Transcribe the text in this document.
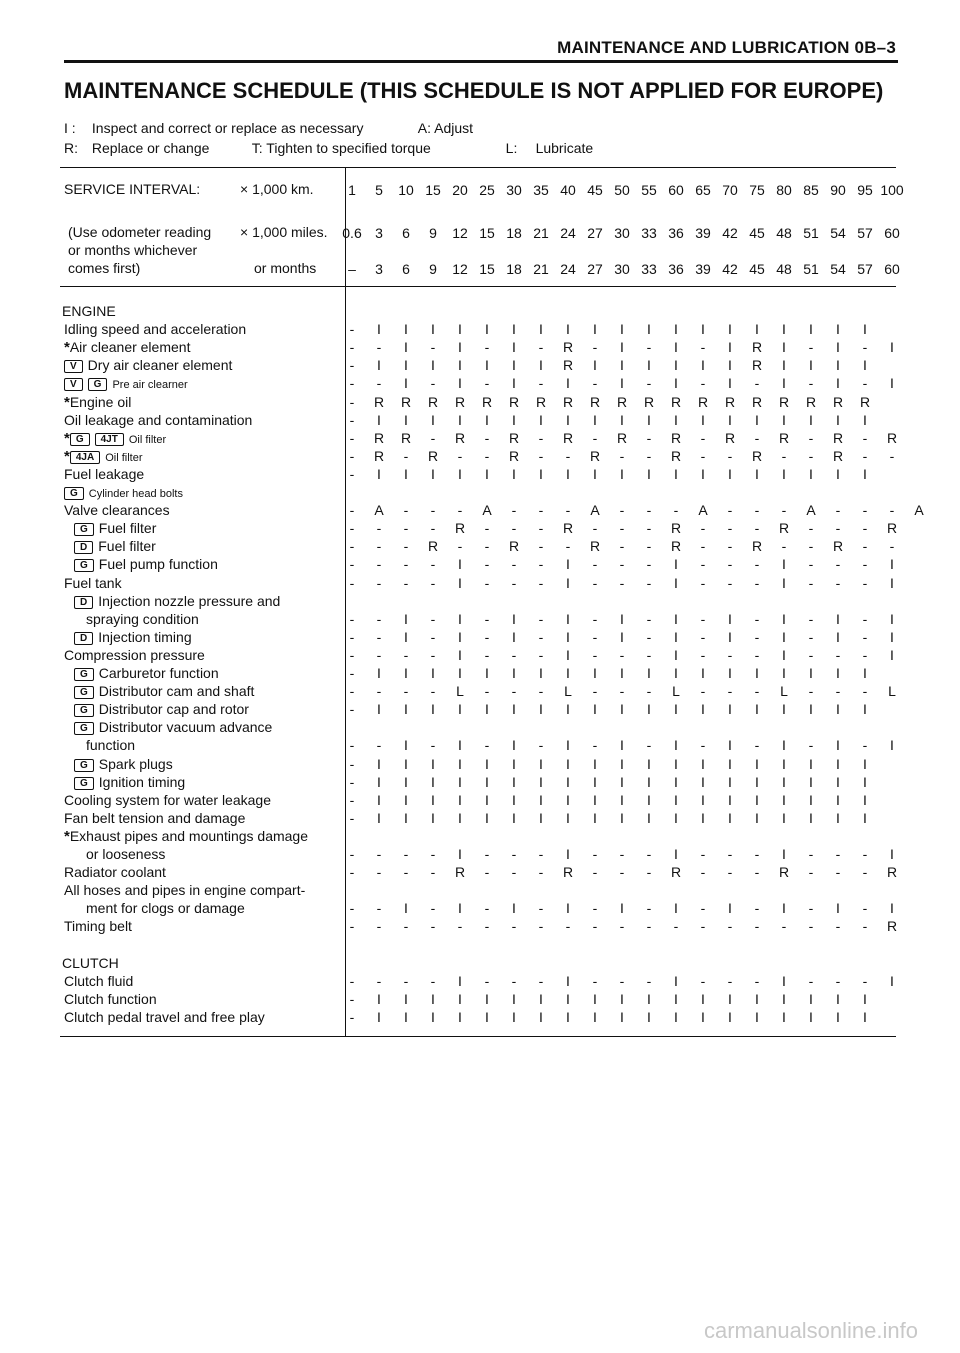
MAINTENANCE AND LUBRICATION 0B–3
MAINTENANCE SCHEDULE (THIS SCHEDULE IS NOT APPLIED FOR EUROPE)
I : Inspect and correct or replace as necessary	A: Adjust
R: Replace or change	T: Tighten to specified torque	L: Lubricate
SERVICE INTERVAL:
(Use odometer reading
or months whichever
comes first)
× 1,000 km.
× 1,000 miles.
or months
1	5	10 15 20 25 30 35 40 45 50 55 60 65 70 75 80 85 90 95 100
0.6 3	6	9	12 15 18 21 24 27 30 33 36 39 42 45 48 51 54 57 60
–	3	6	9	12 15 18 21 24 27 30 33 36 39 42 45 48 51 54 57 60
ENGINE
Idling speed and acceleration	-	I	I	I	I	I	I	I	I	I	I	I	I	I	I	I	I	I	I	I
*Air cleaner element	-	-	I	-	I	-	I	-	R	-	I	-	I	-	I	R	I	-	I	-	I
V Dry air cleaner element	-	I	I	I	I	I	I	I	R	I	I	I	I	I	I	R	I	I	I	I
V G Pre air clearner	-	-	I	-	I	-	I	-	I	-	I	-	I	-	I	-	I	-	I	-	I
*Engine oil	-	R	R	R	R	R	R	R	R	R	R	R	R	R	R	R	R	R	R	R
Oil leakage and contamination	-	I	I	I	I	I	I	I	I	I	I	I	I	I	I	I	I	I	I	I
* G 4JT Oil filter	-	R	R	-	R	-	R	-	R	-	R	-	R	-	R	-	R	-	R	-	R
* 4JA Oil filter	-	R	-	R	-	-	R	-	-	R	-	-	R	-	-	R	-	-	R	-	-
Fuel leakage	-	I	I	I	I	I	I	I	I	I	I	I	I	I	I	I	I	I	I	I
G Cylinder head bolts
Valve clearances	-	A	-	-	-	A	-	-	-	A	-	-	-	A	-	-	-	A	-	-	-	A
G Fuel filter	-	-	-	-	R	-	-	-	R	-	-	-	R	-	-	-	R	-	-	-	R
D Fuel filter	-	-	-	R	-	-	R	-	-	R	-	-	R	-	-	R	-	-	R	-	-
G Fuel pump function	-	-	-	-	I	-	-	-	I	-	-	-	I	-	-	-	I	-	-	-	I
Fuel tank	-	-	-	-	I	-	-	-	I	-	-	-	I	-	-	-	I	-	-	-	I
D Injection nozzle pressure and
spraying condition	-	-	I	-	I	-	I	-	I	-	I	-	I	-	I	-	I	-	I	-	I
D Injection timing	-	-	I	-	I	-	I	-	I	-	I	-	I	-	I	-	I	-	I	-	I
Compression pressure	-	-	-	-	I	-	-	-	I	-	-	-	I	-	-	-	I	-	-	-	I
G Carburetor function	-	I	I	I	I	I	I	I	I	I	I	I	I	I	I	I	I	I	I	I
G Distributor cam and shaft	-	-	-	-	L	-	-	-	L	-	-	-	L	-	-	-	L	-	-	-	L
G Distributor cap and rotor	-	I	I	I	I	I	I	I	I	I	I	I	I	I	I	I	I	I	I	I
G Distributor vacuum advance
function	-	-	I	-	I	-	I	-	I	-	I	-	I	-	I	-	I	-	I	-	I
G Spark plugs	-	I	I	I	I	I	I	I	I	I	I	I	I	I	I	I	I	I	I	I
G Ignition timing	-	I	I	I	I	I	I	I	I	I	I	I	I	I	I	I	I	I	I	I
Cooling system for water leakage	-	I	I	I	I	I	I	I	I	I	I	I	I	I	I	I	I	I	I	I
Fan belt tension and damage	-	I	I	I	I	I	I	I	I	I	I	I	I	I	I	I	I	I	I	I
*Exhaust pipes and mountings damage
or looseness	-	-	-	-	I	-	-	-	I	-	-	-	I	-	-	-	I	-	-	-	I
Radiator coolant	-	-	-	-	R	-	-	-	R	-	-	-	R	-	-	-	R	-	-	-	R
All hoses and pipes in engine compart-
ment for clogs or damage	-	-	I	-	I	-	I	-	I	-	I	-	I	-	I	-	I	-	I	-	I
Timing belt	-	-	-	-	-	-	-	-	-	-	-	-	-	-	-	-	-	-	-	-	R
CLUTCH
Clutch fluid	-	-	-	-	I	-	-	-	I	-	-	-	I	-	-	-	I	-	-	-	I
Clutch function	-	I	I	I	I	I	I	I	I	I	I	I	I	I	I	I	I	I	I	I
Clutch pedal travel and free play	-	I	I	I	I	I	I	I	I	I	I	I	I	I	I	I	I	I	I	I
carmanualsonline.info
